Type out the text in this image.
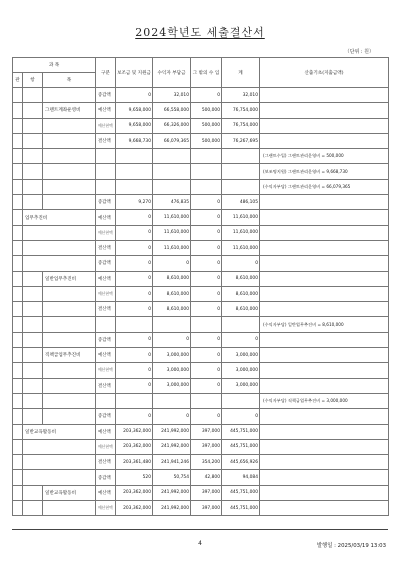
2024학년도 세출결산서
（단위 : 원）
과 목			구분	보조금 및 지원금	수익자 부담금	그 밖의 수 입	계	산출기초(지출금액)
관	항	목						
			증감액	0	32,010	0	32,010	
		그랜트계좌운영비	예산액	9,658,000	66,558,000	500,000	76,754,000	
			예산현액	9,658,000	66,326,000	500,000	76,754,000	
			결산액	9,668,730	66,079,365	500,000	76,267,695	
								(그랜트수입) 그랜트관리운영비 = 500,000
								(보조명지원) 그랜트관리운영비 = 9,668,730
								(수익자부담) 그랜트관리운영비 = 66,079,365
			증감액	9,270	476,835	0	486,105	
	업무추진비		예산액	0	11,610,000	0	11,610,000	
			예산현액	0	11,610,000	0	11,610,000	
			결산액	0	11,610,000	0	11,610,000	
			증감액	0	0	0	0	
		일반업무추진비	예산액	0	8,610,000	0	8,610,000	
			예산현액	0	8,610,000	0	8,610,000	
			결산액	0	8,610,000	0	8,610,000	
								(수익자부담) 일반업무추진비 = 8,610,000
			증감액	0	0	0	0	
		직책급업무추진비	예산액	0	3,000,000	0	3,000,000	
			예산현액	0	3,000,000	0	3,000,000	
			결산액	0	3,000,000	0	3,000,000	
								(수익자부담) 직책급업무추진비 = 3,000,000
			증감액	0	0	0	0	
	일반교육활동비		예산액	203,362,000	241,992,000	397,000	445,751,000	
			예산현액	203,362,000	241,992,000	397,000	445,751,000	
			결산액	203,361,480	241,941,246	354,200	445,656,926	
			증감액	520	50,754	42,800	94,084	
		일반교육활동비	예산액	203,362,000	241,992,000	397,000	445,751,000	
			예산현액	203,362,000	241,992,000	397,000	445,751,000	
4	발행일 : 2025/03/19 13:03
